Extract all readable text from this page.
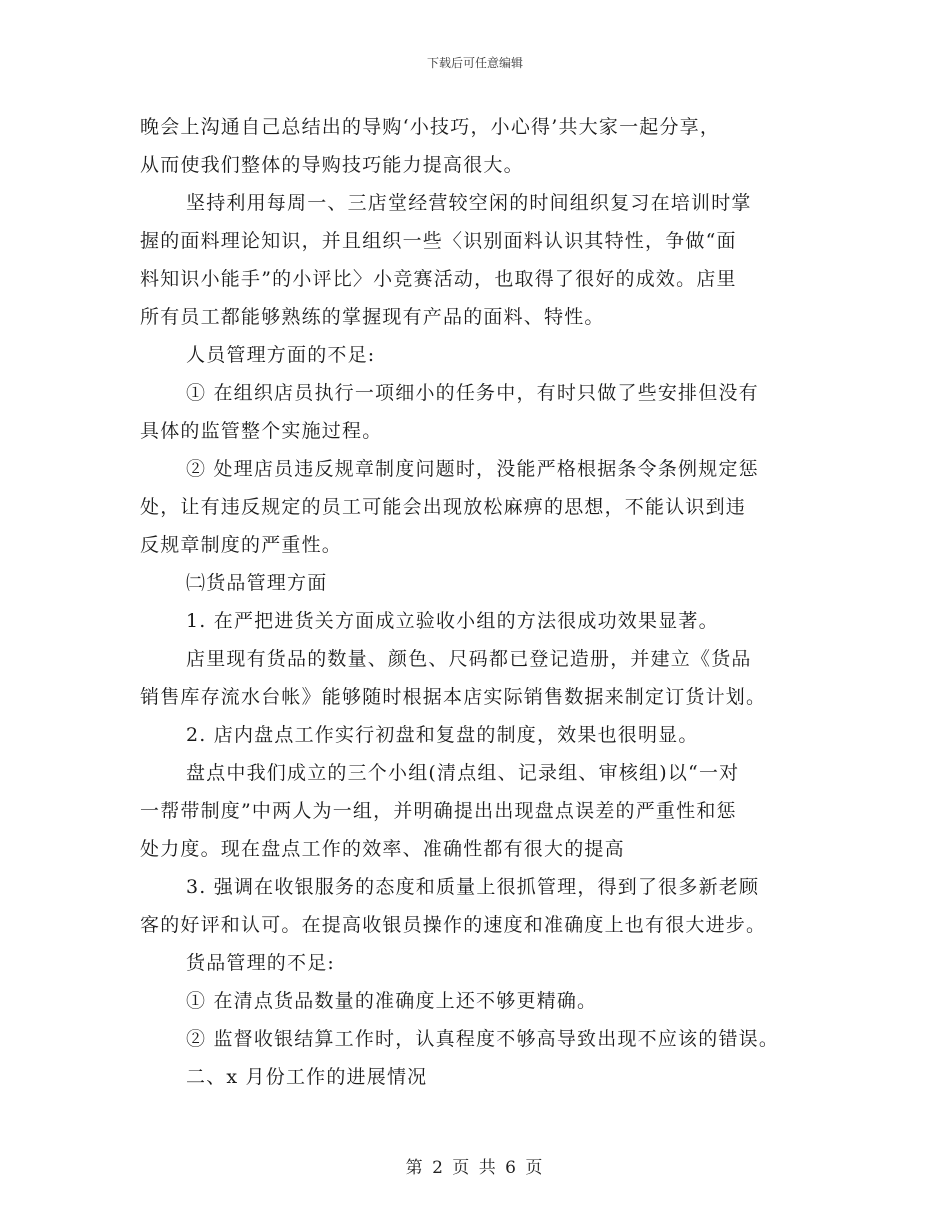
下载后可任意编辑
晚会上沟通自己总结出的导购‘小技巧，小心得’共大家一起分享，
从而使我们整体的导购技巧能力提高很大。
坚持利用每周一、三店堂经营较空闲的时间组织复习在培训时掌
握的面料理论知识，并且组织一些〈识别面料认识其特性，争做“面
料知识小能手”的小评比〉小竞赛活动，也取得了很好的成效。店里
所有员工都能够熟练的掌握现有产品的面料、特性。
人员管理方面的不足:
① 在组织店员执行一项细小的任务中，有时只做了些安排但没有
具体的监管整个实施过程。
② 处理店员违反规章制度问题时，没能严格根据条令条例规定惩
处，让有违反规定的员工可能会出现放松麻痹的思想，不能认识到违
反规章制度的严重性。
㈡货品管理方面
1. 在严把进货关方面成立验收小组的方法很成功效果显著。
店里现有货品的数量、颜色、尺码都已登记造册，并建立《货品
销售库存流水台帐》能够随时根据本店实际销售数据来制定订货计划。
2. 店内盘点工作实行初盘和复盘的制度，效果也很明显。
盘点中我们成立的三个小组(清点组、记录组、审核组)以“一对
一帮带制度”中两人为一组，并明确提出出现盘点误差的严重性和惩
处力度。现在盘点工作的效率、准确性都有很大的提高
3. 强调在收银服务的态度和质量上很抓管理，得到了很多新老顾
客的好评和认可。在提高收银员操作的速度和准确度上也有很大进步。
货品管理的不足:
① 在清点货品数量的准确度上还不够更精确。
② 监督收银结算工作时，认真程度不够高导致出现不应该的错误。
二、x 月份工作的进展情况
第 2 页 共 6 页
